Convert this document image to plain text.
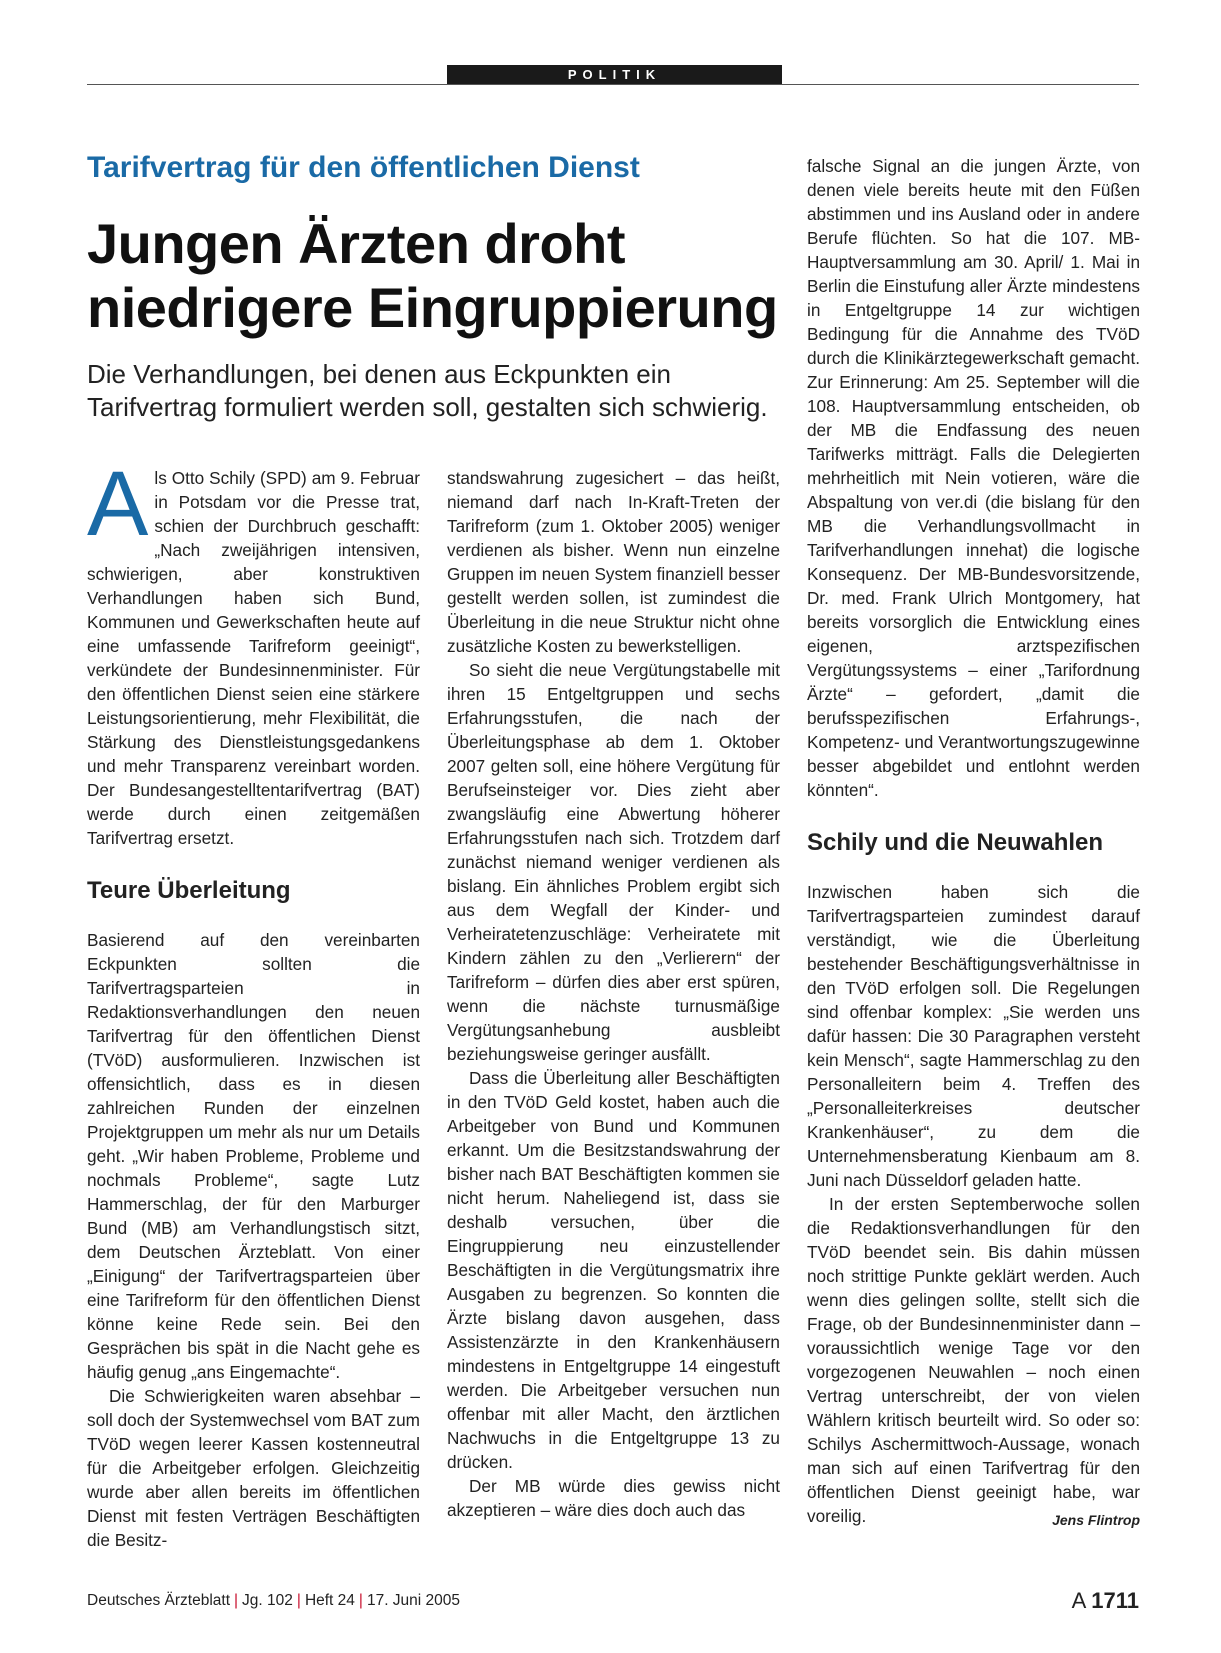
POLITIK
Tarifvertrag für den öffentlichen Dienst
Jungen Ärzten droht niedrigere Eingruppierung

Die Verhandlungen, bei denen aus Eckpunkten ein Tarifvertrag formuliert werden soll, gestalten sich schwierig.

Als Otto Schily (SPD) am 9. Februar in Potsdam vor die Presse trat, schien der Durchbruch geschafft: „Nach zweijährigen intensiven, schwierigen, aber konstruktiven Verhandlungen haben sich Bund, Kommunen und Gewerkschaften heute auf eine umfassende Tarifreform geeinigt“, verkündete der Bundesinnenminister. Für den öffentlichen Dienst seien eine stärkere Leistungsorientierung, mehr Flexibilität, die Stärkung des Dienstleistungsgedankens und mehr Transparenz vereinbart worden. Der Bundesangestelltentarifvertrag (BAT) werde durch einen zeitgemäßen Tarifvertrag ersetzt.

Teure Überleitung

Basierend auf den vereinbarten Eckpunkten sollten die Tarifvertragsparteien in Redaktionsverhandlungen den neuen Tarifvertrag für den öffentlichen Dienst (TVöD) ausformulieren. Inzwischen ist offensichtlich, dass es in diesen zahlreichen Runden der einzelnen Projektgruppen um mehr als nur um Details geht. „Wir haben Probleme, Probleme und nochmals Probleme“, sagte Lutz Hammerschlag, der für den Marburger Bund (MB) am Verhandlungstisch sitzt, dem Deutschen Ärzteblatt. Von einer „Einigung“ der Tarifvertragsparteien über eine Tarifreform für den öffentlichen Dienst könne keine Rede sein. Bei den Gesprächen bis spät in die Nacht gehe es häufig genug „ans Eingemachte“.

Die Schwierigkeiten waren absehbar – soll doch der Systemwechsel vom BAT zum TVöD wegen leerer Kassen kostenneutral für die Arbeitgeber erfolgen. Gleichzeitig wurde aber allen bereits im öffentlichen Dienst mit festen Verträgen Beschäftigten die Besitz-

standswahrung zugesichert – das heißt, niemand darf nach In-Kraft-Treten der Tarifreform (zum 1. Oktober 2005) weniger verdienen als bisher. Wenn nun einzelne Gruppen im neuen System finanziell besser gestellt werden sollen, ist zumindest die Überleitung in die neue Struktur nicht ohne zusätzliche Kosten zu bewerkstelligen.

So sieht die neue Vergütungstabelle mit ihren 15 Entgeltgruppen und sechs Erfahrungsstufen, die nach der Überleitungsphase ab dem 1. Oktober 2007 gelten soll, eine höhere Vergütung für Berufseinsteiger vor. Dies zieht aber zwangsläufig eine Abwertung höherer Erfahrungsstufen nach sich. Trotzdem darf zunächst niemand weniger verdienen als bislang. Ein ähnliches Problem ergibt sich aus dem Wegfall der Kinder- und Verheiratetenzuschläge: Verheiratete mit Kindern zählen zu den „Verlierern“ der Tarifreform – dürfen dies aber erst spüren, wenn die nächste turnusmäßige Vergütungsanhebung ausbleibt beziehungsweise geringer ausfällt.

Dass die Überleitung aller Beschäftigten in den TVöD Geld kostet, haben auch die Arbeitgeber von Bund und Kommunen erkannt. Um die Besitzstandswahrung der bisher nach BAT Beschäftigten kommen sie nicht herum. Naheliegend ist, dass sie deshalb versuchen, über die Eingruppierung neu einzustellender Beschäftigten in die Vergütungsmatrix ihre Ausgaben zu begrenzen. So konnten die Ärzte bislang davon ausgehen, dass Assistenzärzte in den Krankenhäusern mindestens in Entgeltgruppe 14 eingestuft werden. Die Arbeitgeber versuchen nun offenbar mit aller Macht, den ärztlichen Nachwuchs in die Entgeltgruppe 13 zu drücken.

Der MB würde dies gewiss nicht akzeptieren – wäre dies doch auch das

falsche Signal an die jungen Ärzte, von denen viele bereits heute mit den Füßen abstimmen und ins Ausland oder in andere Berufe flüchten. So hat die 107. MB-Hauptversammlung am 30. April/ 1. Mai in Berlin die Einstufung aller Ärzte mindestens in Entgeltgruppe 14 zur wichtigen Bedingung für die Annahme des TVöD durch die Klinikärztegewerkschaft gemacht. Zur Erinnerung: Am 25. September will die 108. Hauptversammlung entscheiden, ob der MB die Endfassung des neuen Tarifwerks mitträgt. Falls die Delegierten mehrheitlich mit Nein votieren, wäre die Abspaltung von ver.di (die bislang für den MB die Verhandlungsvollmacht in Tarifverhandlungen innehat) die logische Konsequenz. Der MB-Bundesvorsitzende, Dr. med. Frank Ulrich Montgomery, hat bereits vorsorglich die Entwicklung eines eigenen, arztspezifischen Vergütungssystems – einer „Tarifordnung Ärzte“ – gefordert, „damit die berufsspezifischen Erfahrungs-, Kompetenz- und Verantwortungszugewinne besser abgebildet und entlohnt werden könnten“.

Schily und die Neuwahlen

Inzwischen haben sich die Tarifvertragsparteien zumindest darauf verständigt, wie die Überleitung bestehender Beschäftigungsverhältnisse in den TVöD erfolgen soll. Die Regelungen sind offenbar komplex: „Sie werden uns dafür hassen: Die 30 Paragraphen versteht kein Mensch“, sagte Hammerschlag zu den Personalleitern beim 4. Treffen des „Personalleiterkreises deutscher Krankenhäuser“, zu dem die Unternehmensberatung Kienbaum am 8. Juni nach Düsseldorf geladen hatte.

In der ersten Septemberwoche sollen die Redaktionsverhandlungen für den TVöD beendet sein. Bis dahin müssen noch strittige Punkte geklärt werden. Auch wenn dies gelingen sollte, stellt sich die Frage, ob der Bundesinnenminister dann – voraussichtlich wenige Tage vor den vorgezogenen Neuwahlen – noch einen Vertrag unterschreibt, der von vielen Wählern kritisch beurteilt wird. So oder so: Schilys Aschermittwoch-Aussage, wonach man sich auf einen Tarifvertrag für den öffentlichen Dienst geeinigt habe, war voreilig.	Jens Flintrop

Deutsches Ärzteblatt | Jg. 102 | Heft 24 | 17. Juni 2005	A 1711
